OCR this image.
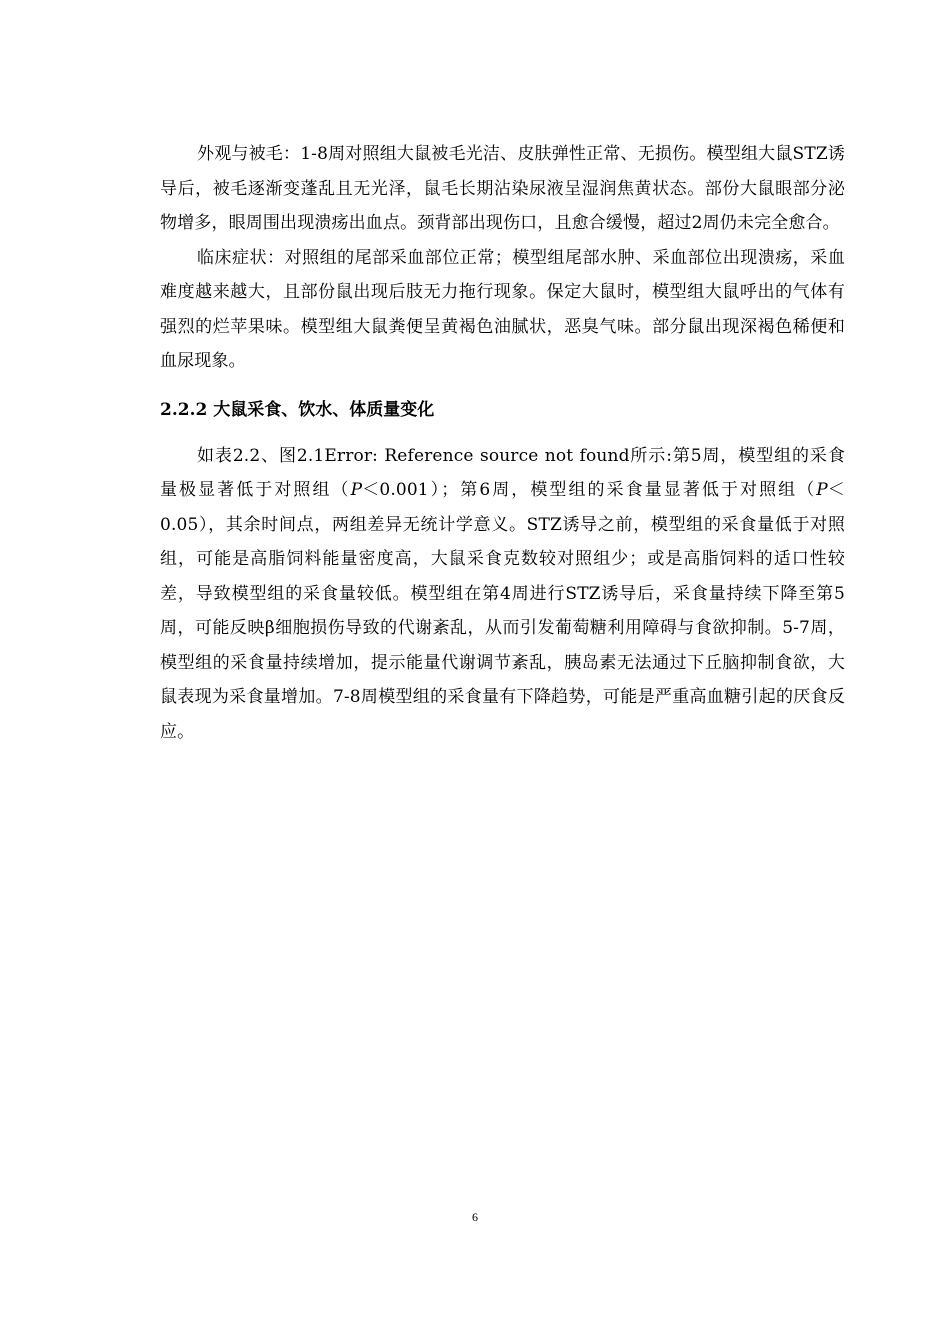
外观与被毛：1-8周对照组大鼠被毛光洁、皮肤弹性正常、无损伤。模型组大鼠STZ诱导后，被毛逐渐变蓬乱且无光泽，鼠毛长期沾染尿液呈湿润焦黄状态。部份大鼠眼部分泌物增多，眼周围出现溃疡出血点。颈背部出现伤口，且愈合缓慢，超过2周仍未完全愈合。

临床症状：对照组的尾部采血部位正常；模型组尾部水肿、采血部位出现溃疡，采血难度越来越大，且部份鼠出现后肢无力拖行现象。保定大鼠时，模型组大鼠呼出的气体有强烈的烂苹果味。模型组大鼠粪便呈黄褐色油腻状，恶臭气味。部分鼠出现深褐色稀便和血尿现象。

2.2.2 大鼠采食、饮水、体质量变化

如表2.2、图2.1Error: Reference source not found所示:第5周，模型组的采食量极显著低于对照组（P＜0.001）；第6周，模型组的采食量显著低于对照组（P＜0.05），其余时间点，两组差异无统计学意义。STZ诱导之前，模型组的采食量低于对照组，可能是高脂饲料能量密度高，大鼠采食克数较对照组少；或是高脂饲料的适口性较差，导致模型组的采食量较低。模型组在第4周进行STZ诱导后，采食量持续下降至第5周，可能反映β细胞损伤导致的代谢紊乱，从而引发葡萄糖利用障碍与食欲抑制。5-7周，模型组的采食量持续增加，提示能量代谢调节紊乱，胰岛素无法通过下丘脑抑制食欲，大鼠表现为采食量增加。7-8周模型组的采食量有下降趋势，可能是严重高血糖引起的厌食反应。

6
